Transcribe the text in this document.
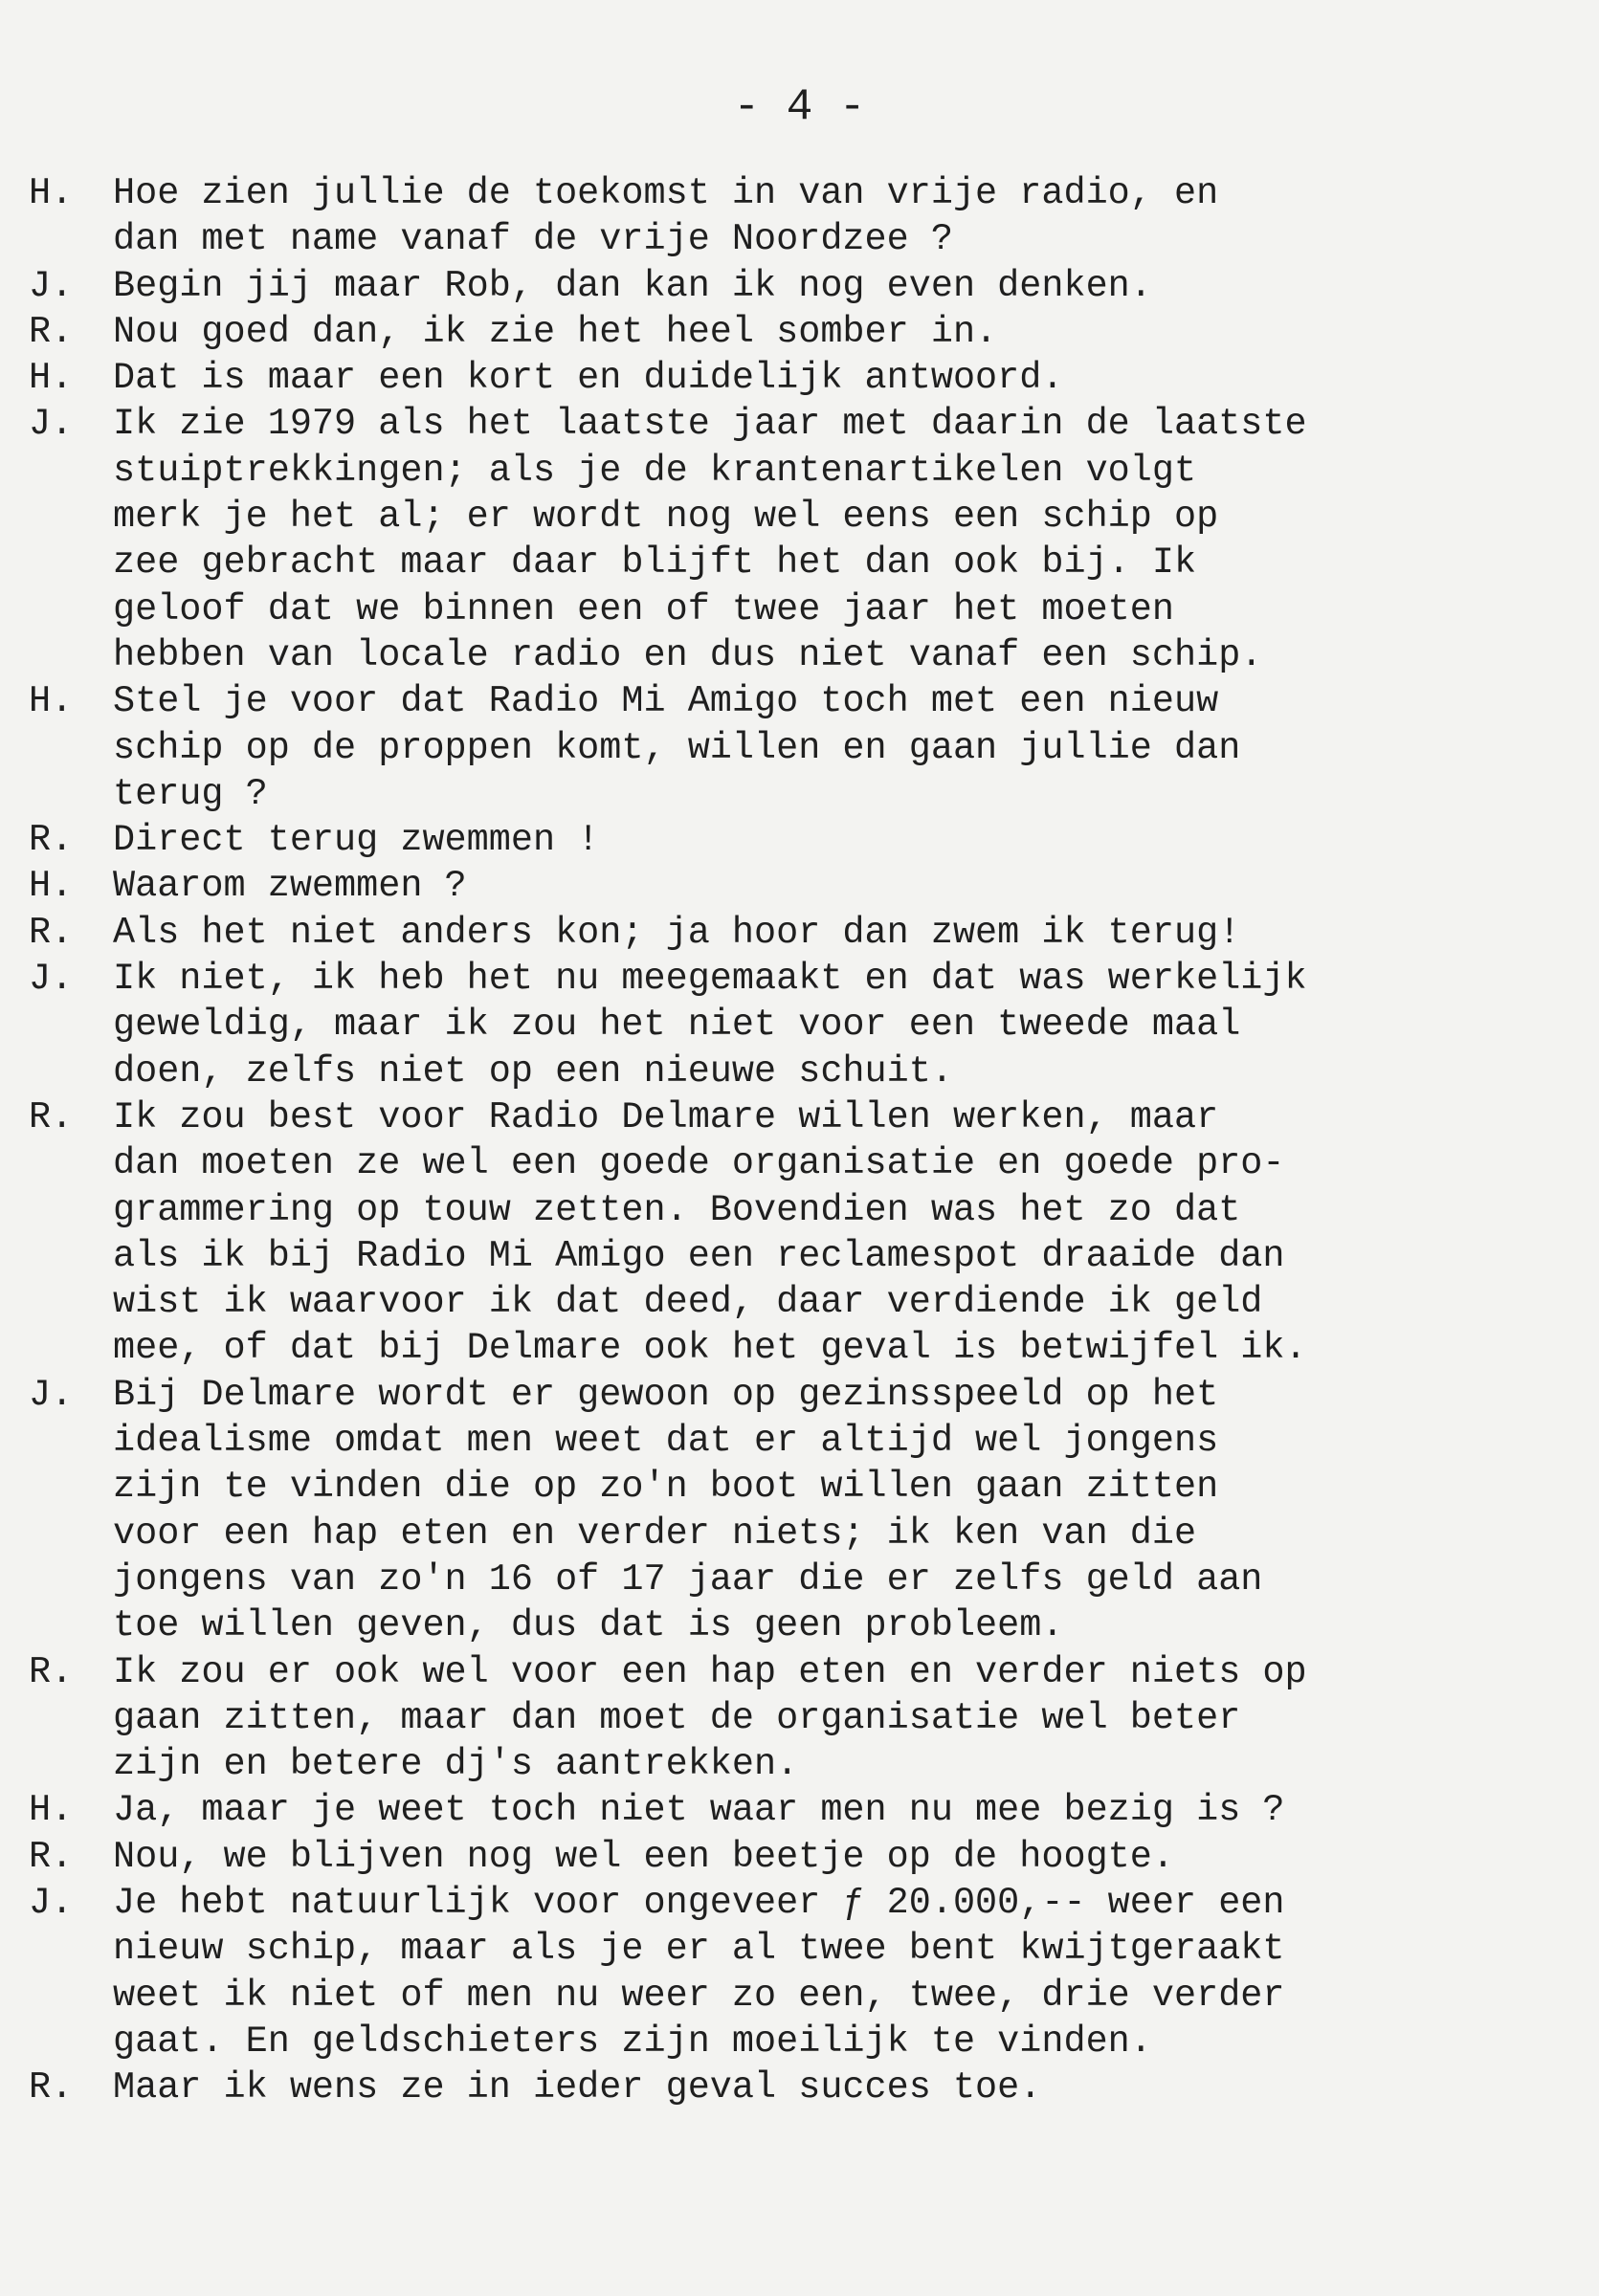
- 4 -
H.	Hoe zien jullie de toekomst in van vrije radio, en
dan met name vanaf de vrije Noordzee ?
J.	Begin jij maar Rob, dan kan ik nog even denken.
R.	Nou goed dan, ik zie het heel somber in.
H.	Dat is maar een kort en duidelijk antwoord.
J.	Ik zie 1979 als het laatste jaar met daarin de laatste
stuiptrekkingen; als je de krantenartikelen volgt
merk je het al; er wordt nog wel eens een schip op
zee gebracht maar daar blijft het dan ook bij. Ik
geloof dat we binnen een of twee jaar het moeten
hebben van locale radio en dus niet vanaf een schip.
H.	Stel je voor dat Radio Mi Amigo toch met een nieuw
schip op de proppen komt, willen en gaan jullie dan
terug ?
R.	Direct terug zwemmen !
H.	Waarom zwemmen ?
R.	Als het niet anders kon; ja hoor dan zwem ik terug!
J.	Ik niet, ik heb het nu meegemaakt en dat was werkelijk
geweldig, maar ik zou het niet voor een tweede maal
doen, zelfs niet op een nieuwe schuit.
R.	Ik zou best voor Radio Delmare willen werken, maar
dan moeten ze wel een goede organisatie en goede pro-
grammering op touw zetten. Bovendien was het zo dat
als ik bij Radio Mi Amigo een reclamespot draaide dan
wist ik waarvoor ik dat deed, daar verdiende ik geld
mee, of dat bij Delmare ook het geval is betwijfel ik.
J.	Bij Delmare wordt er gewoon op gezinsspeeld op het
idealisme omdat men weet dat er altijd wel jongens
zijn te vinden die op zo'n boot willen gaan zitten
voor een hap eten en verder niets; ik ken van die
jongens van zo'n 16 of 17 jaar die er zelfs geld aan
toe willen geven, dus dat is geen probleem.
R.	Ik zou er ook wel voor een hap eten en verder niets op
gaan zitten, maar dan moet de organisatie wel beter
zijn en betere dj's aantrekken.
H.	Ja, maar je weet toch niet waar men nu mee bezig is ?
R.	Nou, we blijven nog wel een beetje op de hoogte.
J.	Je hebt natuurlijk voor ongeveer ƒ 20.000,-- weer een
nieuw schip, maar als je er al twee bent kwijtgeraakt
weet ik niet of men nu weer zo een, twee, drie verder
gaat. En geldschieters zijn moeilijk te vinden.
R.	Maar ik wens ze in ieder geval succes toe.
